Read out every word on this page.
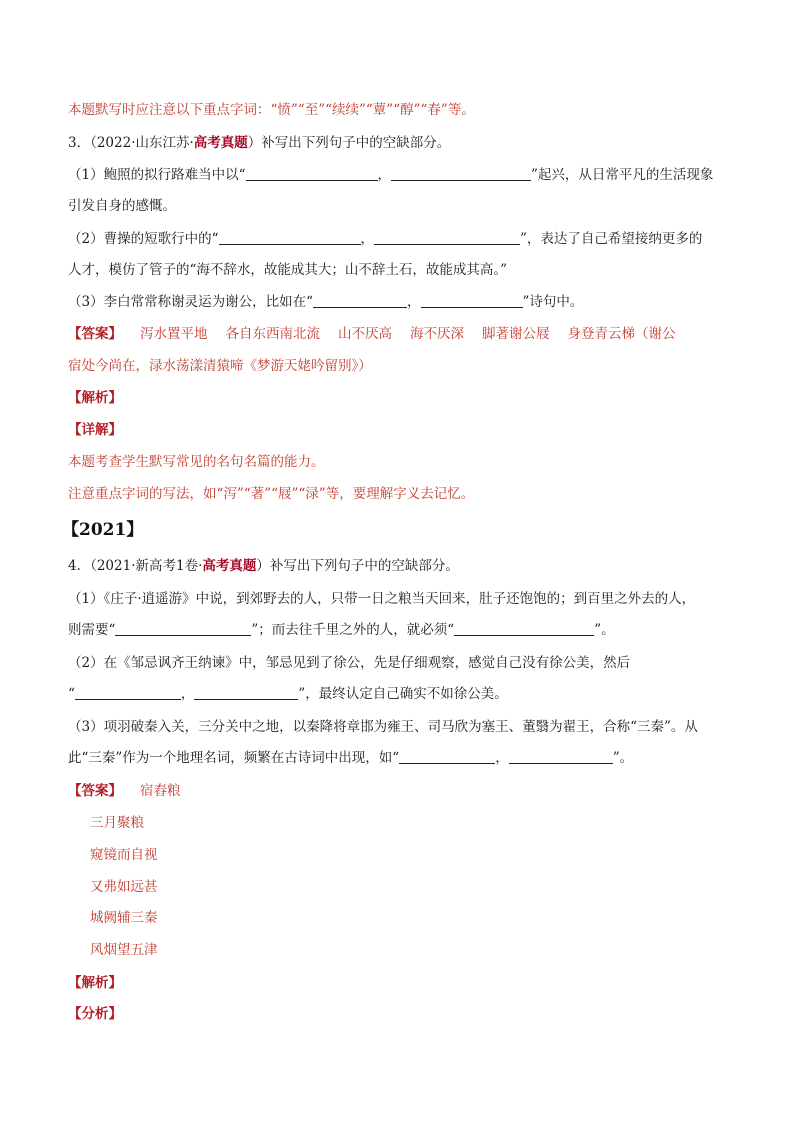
本题默写时应注意以下重点字词：“愤”“至”“续续”“蕈”“醇”“春”等。
3．（2022·山东江苏·高考真题）补写出下列句子中的空缺部分。
（1）鲍照的拟行路难当中以“	，	”起兴，从日常平凡的生活现象
引发自身的感慨。
（2）曹操的短歌行中的“	，	”，表达了自己希望接纳更多的
人才，模仿了管子的“海不辞水，故能成其大；山不辞土石，故能成其高。”
（3）李白常常称谢灵运为谢公，比如在“	，	”诗句中。
【答案】 泻水置平地 各自东西南北流 山不厌高 海不厌深 脚著谢公屐 身登青云梯（谢公
宿处今尚在，渌水荡漾清猿啼《梦游天姥吟留别》）
【解析】
【详解】
本题考查学生默写常见的名句名篇的能力。
注意重点字词的写法，如“泻”“著”“屐”“渌”等，要理解字义去记忆。
【2021】
4．（2021·新高考1卷·高考真题）补写出下列句子中的空缺部分。
（1）《庄子·逍遥游》中说，到郊野去的人，只带一日之粮当天回来，肚子还饱饱的；到百里之外去的人，
则需要“	”；而去往千里之外的人，就必须“	”。
（2）在《邹忌讽齐王纳谏》中，邹忌见到了徐公，先是仔细观察，感觉自己没有徐公美，然后
“	，	”，最终认定自己确实不如徐公美。
（3）项羽破秦入关，三分关中之地，以秦降将章邯为雍王、司马欣为塞王、董翳为翟王，合称“三秦”。从
此“三秦”作为一个地理名词，频繁在古诗词中出现，如“	，	”。
【答案】 宿舂粮
三月聚粮
窥镜而自视
又弗如远甚
城阙辅三秦
风烟望五津
【解析】
【分析】
